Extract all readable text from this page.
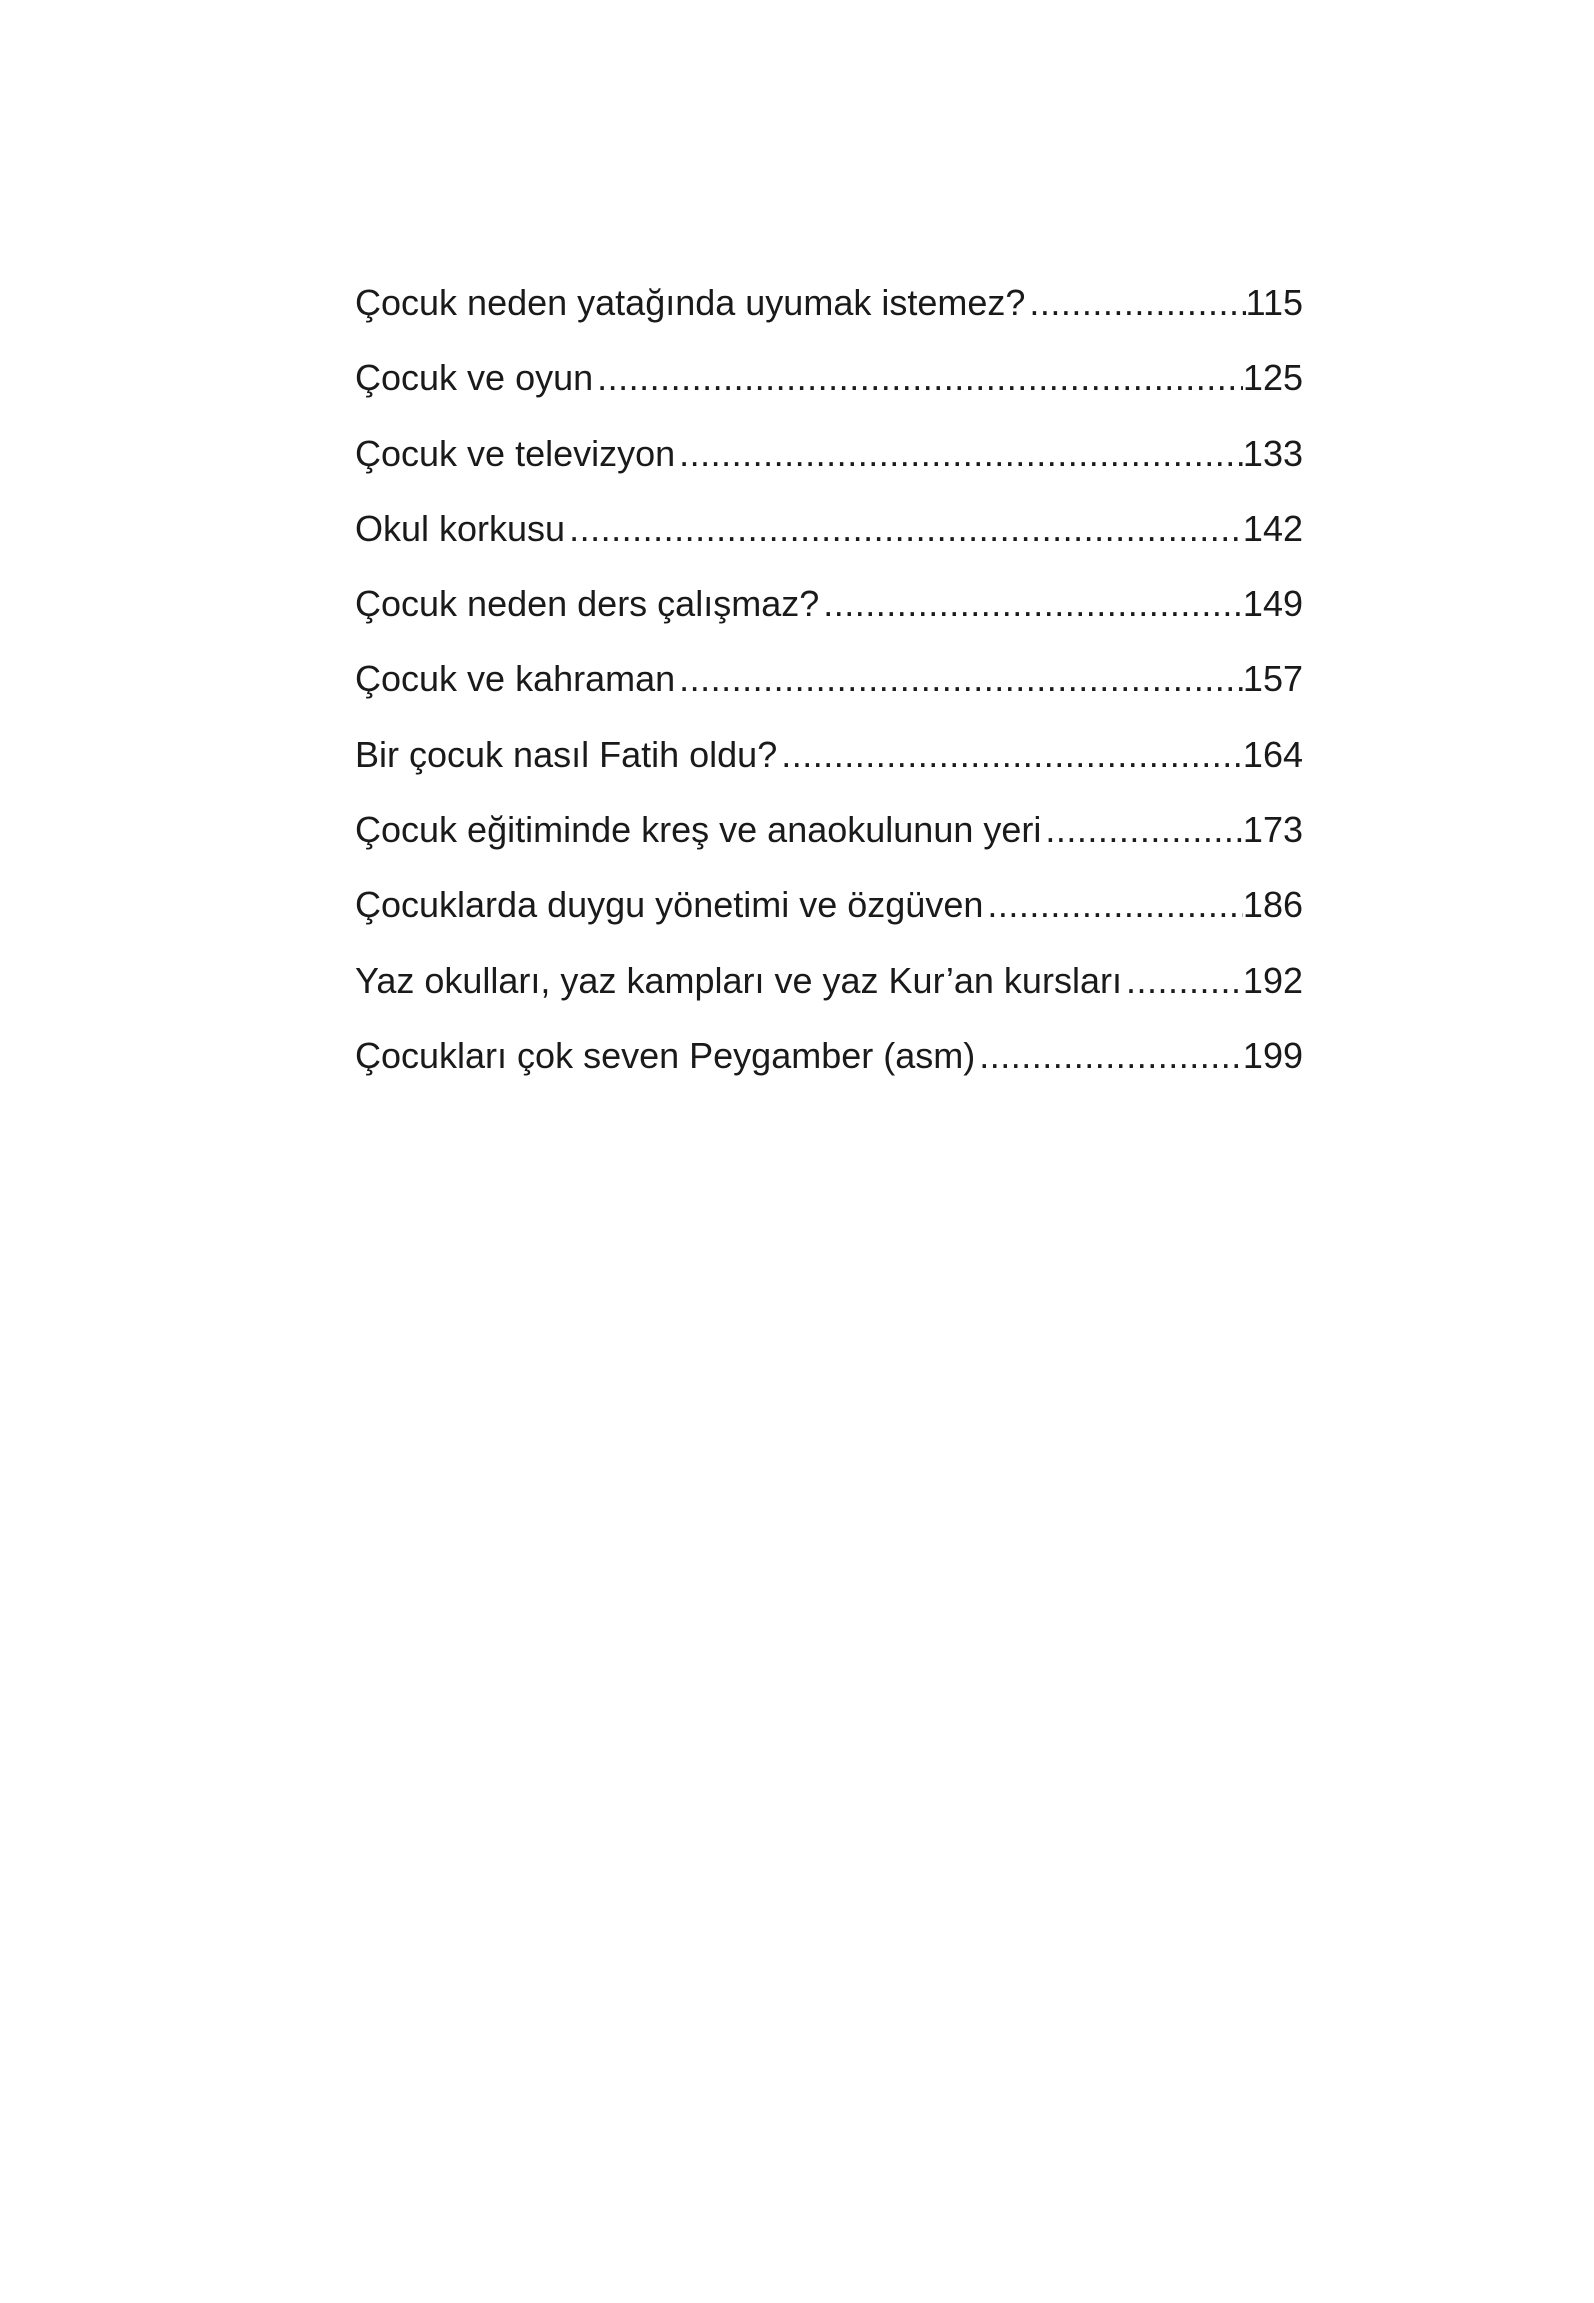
Çocuk neden yatağında uyumak istemez? .....	115
Çocuk ve oyun .....	125
Çocuk ve televizyon .....	133
Okul korkusu .....	142
Çocuk neden ders çalışmaz? .....	149
Çocuk ve kahraman .....	157
Bir çocuk nasıl Fatih oldu? .....	164
Çocuk eğitiminde kreş ve anaokulunun yeri .....	173
Çocuklarda duygu yönetimi ve özgüven .....	186
Yaz okulları, yaz kampları ve yaz Kur’an kursları .....	192
Çocukları çok seven Peygamber (asm) .....	199
